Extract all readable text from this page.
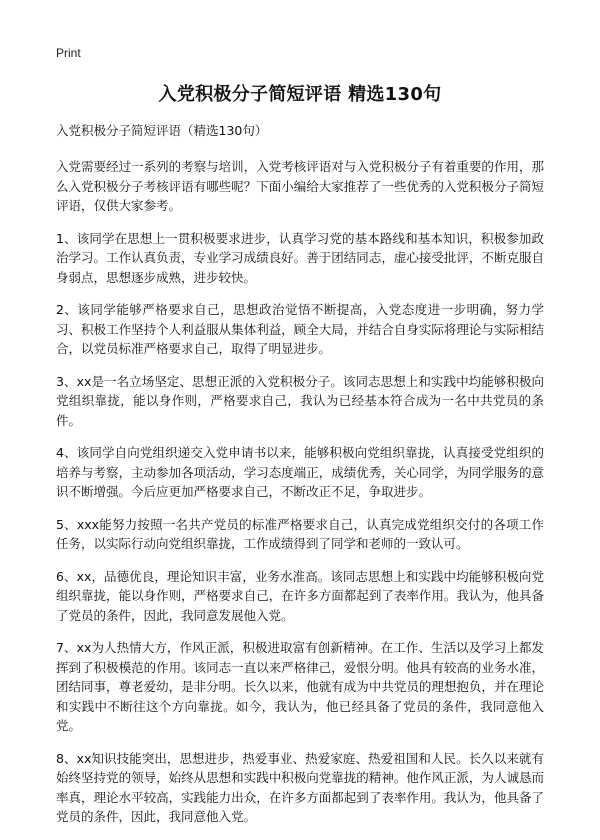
Print
入党积极分子简短评语 精选130句

入党积极分子简短评语（精选130句）

入党需要经过一系列的考察与培训，入党考核评语对与入党积极分子有着重要的作用，那么入党积极分子考核评语有哪些呢？下面小编给大家推荐了一些优秀的入党积极分子简短评语，仅供大家参考。

1、该同学在思想上一贯积极要求进步，认真学习党的基本路线和基本知识，积极参加政治学习。工作认真负责，专业学习成绩良好。善于团结同志，虚心接受批评，不断克服自身弱点，思想逐步成熟，进步较快。

2、该同学能够严格要求自己，思想政治觉悟不断提高，入党态度进一步明确，努力学习、积极工作坚持个人利益服从集体利益，顾全大局，并结合自身实际将理论与实际相结合，以党员标准严格要求自己，取得了明显进步。

3、xx是一名立场坚定、思想正派的入党积极分子。该同志思想上和实践中均能够积极向党组织靠拢，能以身作则，严格要求自己，我认为已经基本符合成为一名中共党员的条件。

4、该同学自向党组织递交入党申请书以来，能够积极向党组织靠拢，认真接受党组织的培养与考察，主动参加各项活动，学习态度端正，成绩优秀，关心同学，为同学服务的意识不断增强。今后应更加严格要求自己，不断改正不足，争取进步。

5、xxx能努力按照一名共产党员的标准严格要求自己，认真完成党组织交付的各项工作任务，以实际行动向党组织靠拢，工作成绩得到了同学和老师的一致认可。

6、xx，品德优良，理论知识丰富，业务水准高。该同志思想上和实践中均能够积极向党组织靠拢，能以身作则，严格要求自己，在许多方面都起到了表率作用。我认为，他具备了党员的条件，因此，我同意发展他入党。

7、xx为人热情大方，作风正派，积极进取富有创新精神。在工作、生活以及学习上都发挥到了积极模范的作用。该同志一直以来严格律己，爱恨分明。他具有较高的业务水准，团结同事，尊老爱幼，是非分明。长久以来，他就有成为中共党员的理想抱负，并在理论和实践中不断往这个方向靠拢。如今，我认为，他已经具备了党员的条件，我同意他入党。

8、xx知识技能突出，思想进步，热爱事业、热爱家庭、热爱祖国和人民。长久以来就有始终坚持党的领导，始终从思想和实践中积极向党靠拢的精神。他作风正派，为人诚恳而率真，理论水平较高，实践能力出众，在许多方面都起到了表率作用。我认为，他具备了党员的条件，因此，我同意他入党。
